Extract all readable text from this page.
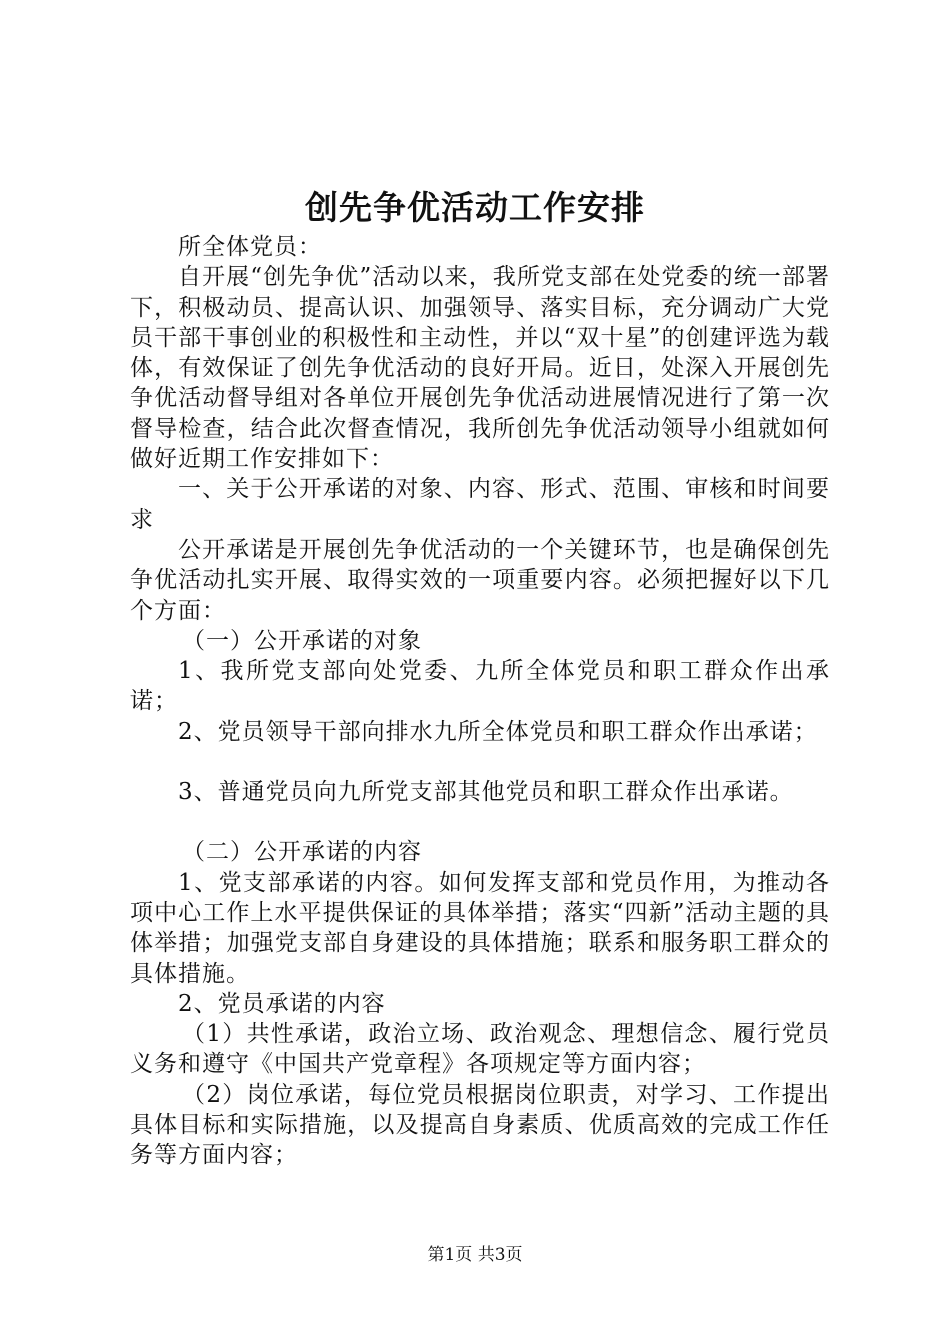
创先争优活动工作安排

所全体党员：

自开展“创先争优”活动以来，我所党支部在处党委的统一部署下，积极动员、提高认识、加强领导、落实目标，充分调动广大党员干部干事创业的积极性和主动性，并以“双十星”的创建评选为载体，有效保证了创先争优活动的良好开局。近日，处深入开展创先争优活动督导组对各单位开展创先争优活动进展情况进行了第一次督导检查，结合此次督查情况，我所创先争优活动领导小组就如何做好近期工作安排如下：

一、关于公开承诺的对象、内容、形式、范围、审核和时间要求

公开承诺是开展创先争优活动的一个关键环节，也是确保创先争优活动扎实开展、取得实效的一项重要内容。必须把握好以下几个方面：

（一）公开承诺的对象

1、我所党支部向处党委、九所全体党员和职工群众作出承诺；

2、党员领导干部向排水九所全体党员和职工群众作出承诺；

3、普通党员向九所党支部其他党员和职工群众作出承诺。

（二）公开承诺的内容

1、党支部承诺的内容。如何发挥支部和党员作用，为推动各项中心工作上水平提供保证的具体举措；落实“四新”活动主题的具体举措；加强党支部自身建设的具体措施；联系和服务职工群众的具体措施。

2、党员承诺的内容

（1）共性承诺，政治立场、政治观念、理想信念、履行党员义务和遵守《中国共产党章程》各项规定等方面内容；

（2）岗位承诺，每位党员根据岗位职责，对学习、工作提出具体目标和实际措施，以及提高自身素质、优质高效的完成工作任务等方面内容；

第1页 共3页
